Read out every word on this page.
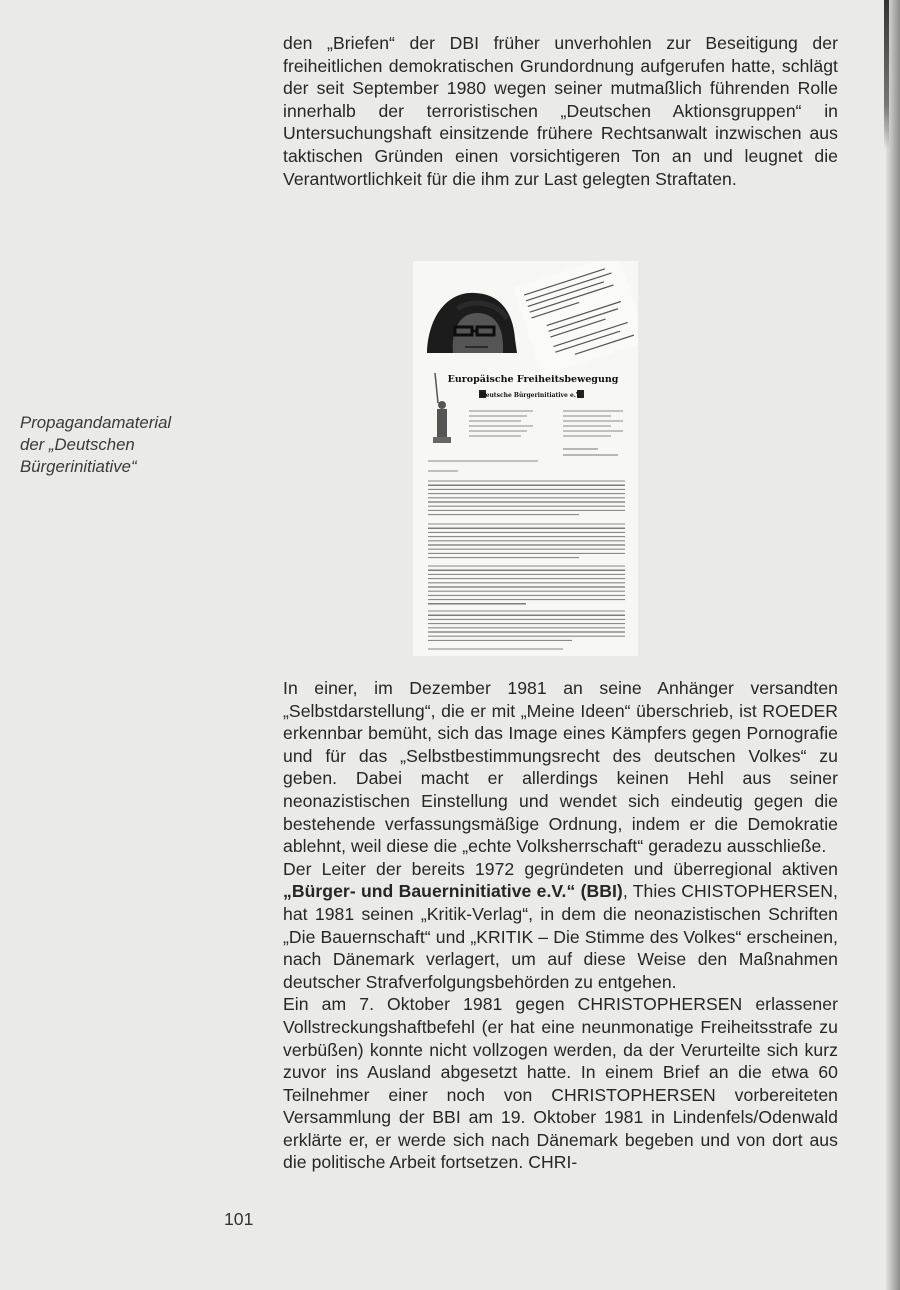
den „Briefen“ der DBI früher unverhohlen zur Beseitigung der freiheitlichen demokratischen Grundordnung aufgerufen hatte, schlägt der seit September 1980 wegen seiner mutmaßlich führenden Rolle innerhalb der terroristischen „Deutschen Aktionsgruppen“ in Untersuchungshaft einsitzende frühere Rechtsanwalt inzwischen aus taktischen Gründen einen vorsichtigeren Ton an und leugnet die Verantwortlichkeit für die ihm zur Last gelegten Straftaten.

Propagandamaterial
der „Deutschen
Bürgerinitiative“
Europäische Freiheitsbewegung
Deutsche Bürgerinitiative e.V.

In einer, im Dezember 1981 an seine Anhänger versandten „Selbstdarstellung“, die er mit „Meine Ideen“ überschrieb, ist ROEDER erkennbar bemüht, sich das Image eines Kämpfers gegen Pornografie und für das „Selbstbestimmungsrecht des deutschen Volkes“ zu geben. Dabei macht er allerdings keinen Hehl aus seiner neonazistischen Einstellung und wendet sich eindeutig gegen die bestehende verfassungsmäßige Ordnung, indem er die Demokratie ablehnt, weil diese die „echte Volksherrschaft“ geradezu ausschließe.

Der Leiter der bereits 1972 gegründeten und überregional aktiven „Bürger- und Bauerninitiative e.V.“ (BBI), Thies CHISTOPHERSEN, hat 1981 seinen „Kritik-Verlag“, in dem die neonazistischen Schriften „Die Bauernschaft“ und „KRITIK – Die Stimme des Volkes“ erscheinen, nach Dänemark verlagert, um auf diese Weise den Maßnahmen deutscher Strafverfolgungsbehörden zu entgehen.

Ein am 7. Oktober 1981 gegen CHRISTOPHERSEN erlassener Vollstreckungshaftbefehl (er hat eine neunmonatige Freiheitsstrafe zu verbüßen) konnte nicht vollzogen werden, da der Verurteilte sich kurz zuvor ins Ausland abgesetzt hatte. In einem Brief an die etwa 60 Teilnehmer einer noch von CHRISTOPHERSEN vorbereiteten Versammlung der BBI am 19. Oktober 1981 in Lindenfels/Odenwald erklärte er, er werde sich nach Dänemark begeben und von dort aus die politische Arbeit fortsetzen. CHRI-

101
